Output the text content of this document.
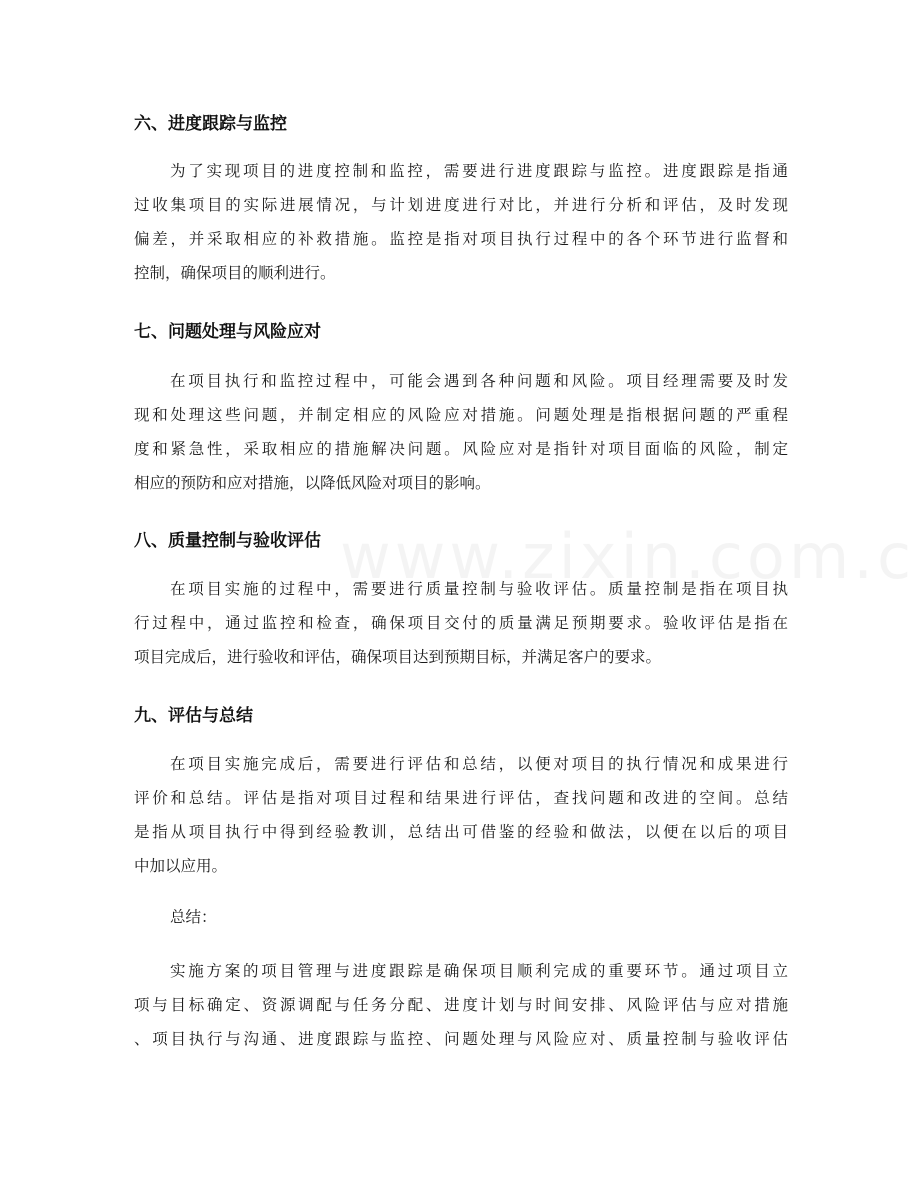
六、进度跟踪与监控
为了实现项目的进度控制和监控，需要进行进度跟踪与监控。进度跟踪是指通
过收集项目的实际进展情况，与计划进度进行对比，并进行分析和评估，及时发现
偏差，并采取相应的补救措施。监控是指对项目执行过程中的各个环节进行监督和
控制，确保项目的顺利进行。
七、问题处理与风险应对
在项目执行和监控过程中，可能会遇到各种问题和风险。项目经理需要及时发
现和处理这些问题，并制定相应的风险应对措施。问题处理是指根据问题的严重程
度和紧急性，采取相应的措施解决问题。风险应对是指针对项目面临的风险，制定
相应的预防和应对措施，以降低风险对项目的影响。
八、质量控制与验收评估
在项目实施的过程中，需要进行质量控制与验收评估。质量控制是指在项目执
行过程中，通过监控和检查，确保项目交付的质量满足预期要求。验收评估是指在
项目完成后，进行验收和评估，确保项目达到预期目标，并满足客户的要求。
九、评估与总结
在项目实施完成后，需要进行评估和总结，以便对项目的执行情况和成果进行
评价和总结。评估是指对项目过程和结果进行评估，查找问题和改进的空间。总结
是指从项目执行中得到经验教训，总结出可借鉴的经验和做法，以便在以后的项目
中加以应用。
总结：
实施方案的项目管理与进度跟踪是确保项目顺利完成的重要环节。通过项目立
项与目标确定、资源调配与任务分配、进度计划与时间安排、风险评估与应对措施
、项目执行与沟通、进度跟踪与监控、问题处理与风险应对、质量控制与验收评估
